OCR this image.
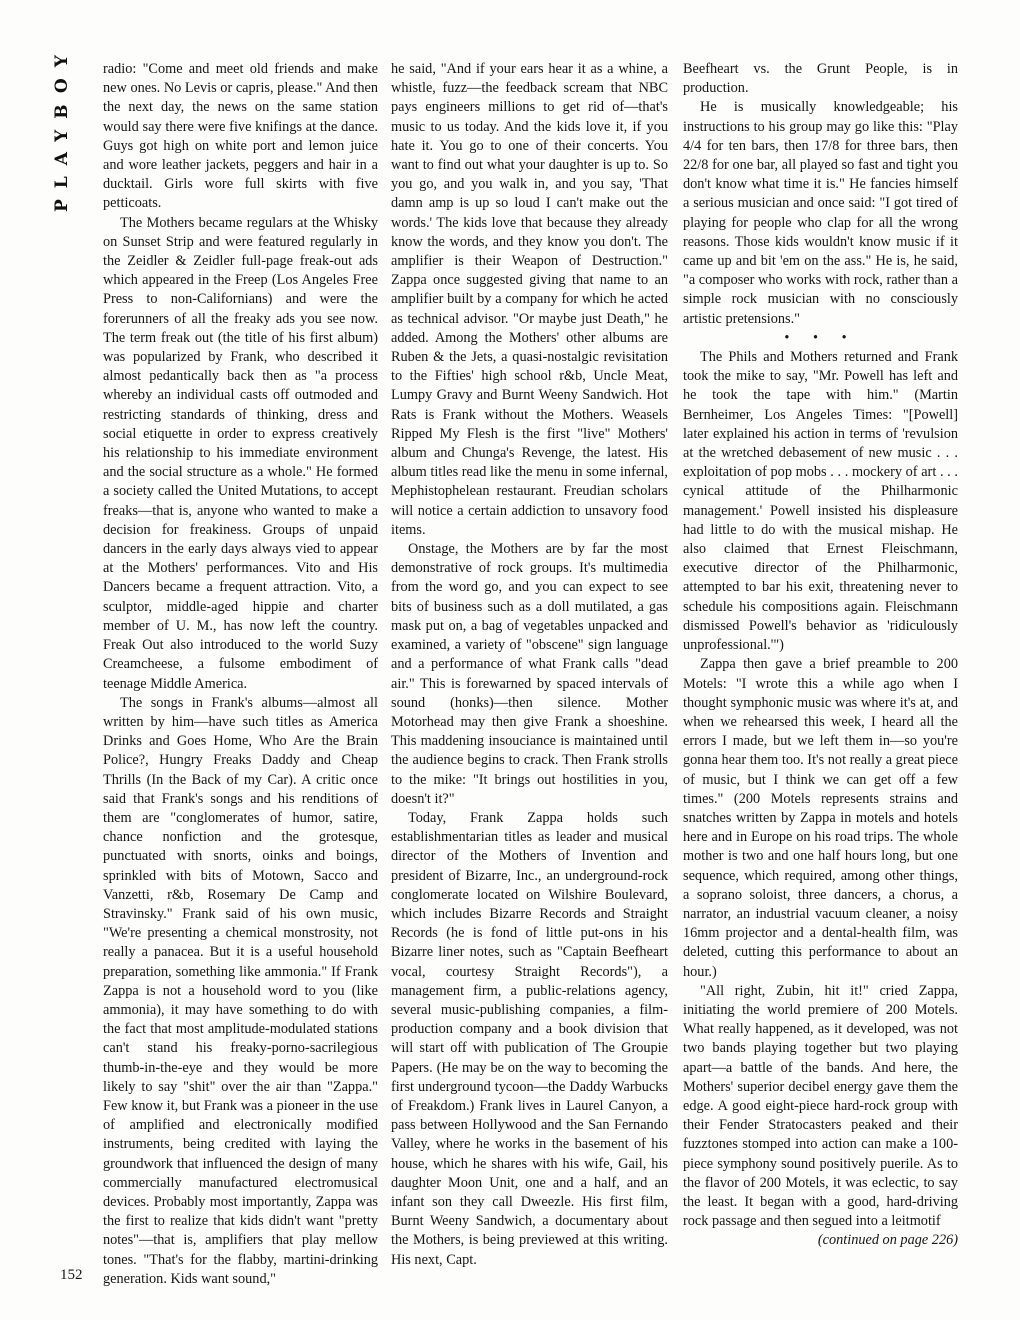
PLAYBOY radio: "Come and meet old friends and make new ones. No Levis or capris, please." And then the next day, the news on the same station would say there were five knifings at the dance. Guys got high on white port and lemon juice and wore leather jackets, peggers and hair in a ducktail. Girls wore full skirts with five petticoats.

The Mothers became regulars at the Whisky on Sunset Strip and were featured regularly in the Zeidler & Zeidler full-page freak-out ads which appeared in the Freep (Los Angeles Free Press to non-Californians) and were the forerunners of all the freaky ads you see now. The term freak out (the title of his first album) was popularized by Frank, who described it almost pedantically back then as "a process whereby an individual casts off outmoded and restricting standards of thinking, dress and social etiquette in order to express creatively his relationship to his immediate environment and the social structure as a whole." He formed a society called the United Mutations, to accept freaks—that is, anyone who wanted to make a decision for freakiness. Groups of unpaid dancers in the early days always vied to appear at the Mothers' performances. Vito and His Dancers became a frequent attraction. Vito, a sculptor, middle-aged hippie and charter member of U. M., has now left the country. Freak Out also introduced to the world Suzy Creamcheese, a fulsome embodiment of teenage Middle America.

The songs in Frank's albums—almost all written by him—have such titles as America Drinks and Goes Home, Who Are the Brain Police?, Hungry Freaks Daddy and Cheap Thrills (In the Back of my Car). A critic once said that Frank's songs and his renditions of them are "conglomerates of humor, satire, chance nonfiction and the grotesque, punctuated with snorts, oinks and boings, sprinkled with bits of Motown, Sacco and Vanzetti, r&b, Rosemary De Camp and Stravinsky." Frank said of his own music, "We're presenting a chemical monstrosity, not really a panacea. But it is a useful household preparation, something like ammonia." If Frank Zappa is not a household word to you (like ammonia), it may have something to do with the fact that most amplitude-modulated stations can't stand his freaky-porno-sacrilegious thumb-in-the-eye and they would be more likely to say "shit" over the air than "Zappa." Few know it, but Frank was a pioneer in the use of amplified and electronically modified instruments, being credited with laying the groundwork that influenced the design of many commercially manufactured electromusical devices. Probably most importantly, Zappa was the first to realize that kids didn't want "pretty notes"—that is, amplifiers that play mellow tones. "That's for the flabby, martini-drinking generation. Kids want sound,"

he said, "And if your ears hear it as a whine, a whistle, fuzz—the feedback scream that NBC pays engineers millions to get rid of—that's music to us today. And the kids love it, if you hate it. You go to one of their concerts. You want to find out what your daughter is up to. So you go, and you walk in, and you say, 'That damn amp is up so loud I can't make out the words.' The kids love that because they already know the words, and they know you don't. The amplifier is their Weapon of Destruction." Zappa once suggested giving that name to an amplifier built by a company for which he acted as technical advisor. "Or maybe just Death," he added. Among the Mothers' other albums are Ruben & the Jets, a quasi-nostalgic revisitation to the Fifties' high school r&b, Uncle Meat, Lumpy Gravy and Burnt Weeny Sandwich. Hot Rats is Frank without the Mothers. Weasels Ripped My Flesh is the first "live" Mothers' album and Chunga's Revenge, the latest. His album titles read like the menu in some infernal, Mephistophelean restaurant. Freudian scholars will notice a certain addiction to unsavory food items.

Onstage, the Mothers are by far the most demonstrative of rock groups. It's multimedia from the word go, and you can expect to see bits of business such as a doll mutilated, a gas mask put on, a bag of vegetables unpacked and examined, a variety of "obscene" sign language and a performance of what Frank calls "dead air." This is forewarned by spaced intervals of sound (honks)—then silence. Mother Motorhead may then give Frank a shoeshine. This maddening insouciance is maintained until the audience begins to crack. Then Frank strolls to the mike: "It brings out hostilities in you, doesn't it?"

Today, Frank Zappa holds such establishmentarian titles as leader and musical director of the Mothers of Invention and president of Bizarre, Inc., an underground-rock conglomerate located on Wilshire Boulevard, which includes Bizarre Records and Straight Records (he is fond of little put-ons in his Bizarre liner notes, such as "Captain Beefheart vocal, courtesy Straight Records"), a management firm, a public-relations agency, several music-publishing companies, a film-production company and a book division that will start off with publication of The Groupie Papers. (He may be on the way to becoming the first underground tycoon—the Daddy Warbucks of Freakdom.) Frank lives in Laurel Canyon, a pass between Hollywood and the San Fernando Valley, where he works in the basement of his house, which he shares with his wife, Gail, his daughter Moon Unit, one and a half, and an infant son they call Dweezle. His first film, Burnt Weeny Sandwich, a documentary about the Mothers, is being previewed at this writing. His next, Capt.

Beefheart vs. the Grunt People, is in production.

He is musically knowledgeable; his instructions to his group may go like this: "Play 4/4 for ten bars, then 17/8 for three bars, then 22/8 for one bar, all played so fast and tight you don't know what time it is." He fancies himself a serious musician and once said: "I got tired of playing for people who clap for all the wrong reasons. Those kids wouldn't know music if it came up and bit 'em on the ass." He is, he said, "a composer who works with rock, rather than a simple rock musician with no consciously artistic pretensions."

• • •

The Phils and Mothers returned and Frank took the mike to say, "Mr. Powell has left and he took the tape with him." (Martin Bernheimer, Los Angeles Times: "[Powell] later explained his action in terms of 'revulsion at the wretched debasement of new music . . . exploitation of pop mobs . . . mockery of art . . . cynical attitude of the Philharmonic management.' Powell insisted his displeasure had little to do with the musical mishap. He also claimed that Ernest Fleischmann, executive director of the Philharmonic, attempted to bar his exit, threatening never to schedule his compositions again. Fleischmann dismissed Powell's behavior as 'ridiculously unprofessional.'")

Zappa then gave a brief preamble to 200 Motels: "I wrote this a while ago when I thought symphonic music was where it's at, and when we rehearsed this week, I heard all the errors I made, but we left them in—so you're gonna hear them too. It's not really a great piece of music, but I think we can get off a few times." (200 Motels represents strains and snatches written by Zappa in motels and hotels here and in Europe on his road trips. The whole mother is two and one half hours long, but one sequence, which required, among other things, a soprano soloist, three dancers, a chorus, a narrator, an industrial vacuum cleaner, a noisy 16mm projector and a dental-health film, was deleted, cutting this performance to about an hour.)

"All right, Zubin, hit it!" cried Zappa, initiating the world premiere of 200 Motels. What really happened, as it developed, was not two bands playing together but two playing apart—a battle of the bands. And here, the Mothers' superior decibel energy gave them the edge. A good eight-piece hard-rock group with their Fender Stratocasters peaked and their fuzztones stomped into action can make a 100-piece symphony sound positively puerile. As to the flavor of 200 Motels, it was eclectic, to say the least. It began with a good, hard-driving rock passage and then segued into a leitmotif

(continued on page 226)

152
